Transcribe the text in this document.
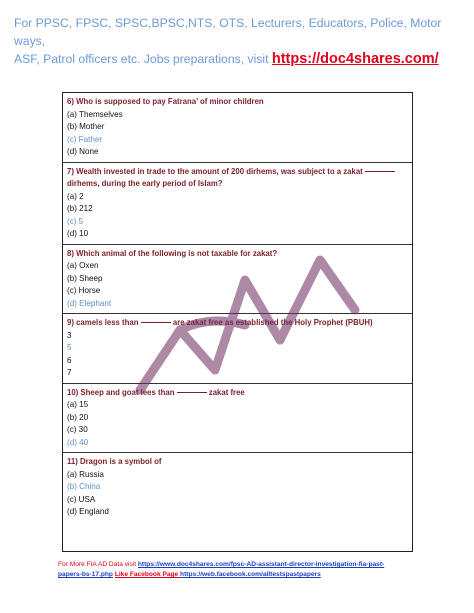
For PPSC, FPSC, SPSC,BPSC,NTS, OTS, Lecturers, Educators, Police, Motor ways,
ASF, Patrol officers etc. Jobs preparations, visit https://doc4shares.com/
6) Who is supposed to pay Fatrana’ of minor children
(a) Themselves
(b) Mother
(c) Father
(d) None
7) Wealth invested in trade to the amount of 200 dirhems, was subject to a zakat
dirhems, during the early period of Islam?
(a) 2
(b) 212
(c) 5
(d) 10
8) Which animal of the following is not taxable for zakat?
(a) Oxen
(b) Sheep
(c) Horse
(d) Elephant
9) camels less than	are zakat free as established the Holy Prophet (PBUH)
3
5
6
7
10) Sheep and goat lees than	zakat free
(a) 15
(b) 20
(c) 30
(d) 40
11) Dragon is a symbol of
(a) Russia
(b) China
(c) USA
(d) England
For More FIA AD Data visit https://www.doc4shares.com/fpsc-AD-assistant-director-investigation-fia-past-
papers-bs-17.php Like Facebook Page https://web.facebook.com/alltestspastpapers
